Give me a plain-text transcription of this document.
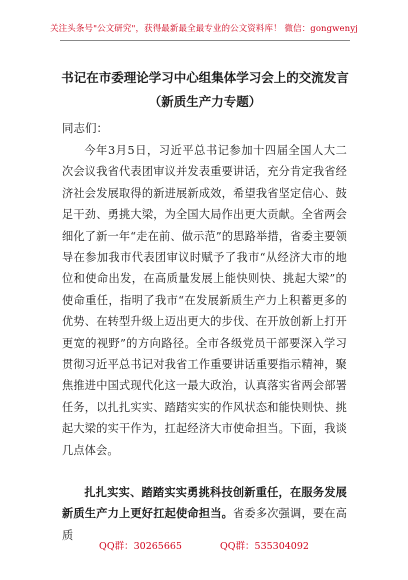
关注头条号"公文研究"，获得最新最全最专业的公文资料库！ 微信：gongwenyj
书记在市委理论学习中心组集体学习会上的交流发言（新质生产力专题）

同志们：

今年3月5日，习近平总书记参加十四届全国人大二次会议我省代表团审议并发表重要讲话，充分肯定我省经济社会发展取得的新进展新成效，希望我省坚定信心、鼓足干劲、勇挑大梁，为全国大局作出更大贡献。全省两会细化了新一年“走在前、做示范”的思路举措，省委主要领导在参加我市代表团审议时赋予了我市“从经济大市的地位和使命出发，在高质量发展上能快则快、挑起大梁”的使命重任，指明了我市“在发展新质生产力上积蓄更多的优势、在转型升级上迈出更大的步伐、在开放创新上打开更宽的视野”的方向路径。全市各级党员干部要深入学习贯彻习近平总书记对我省工作重要讲话重要指示精神，聚焦推进中国式现代化这一最大政治，认真落实省两会部署任务，以扎扎实实、踏踏实实的作风状态和能快则快、挑起大梁的实干作为，扛起经济大市使命担当。下面，我谈几点体会。

扎扎实实、踏踏实实勇挑科技创新重任，在服务发展新质生产力上更好扛起使命担当。省委多次强调，要在高质

QQ群：30265665	QQ群：535304092
